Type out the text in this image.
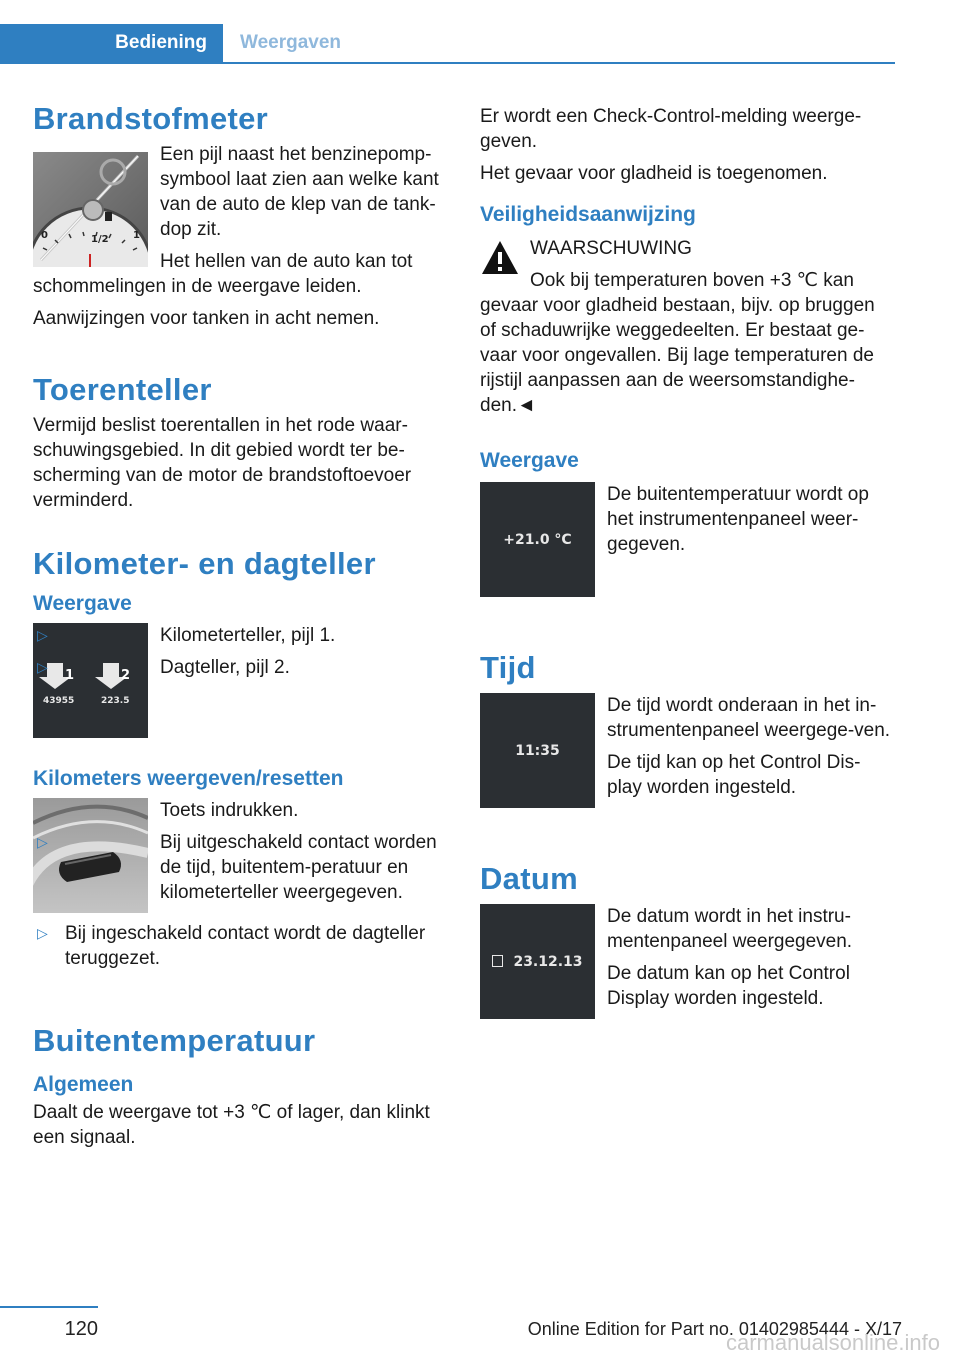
Bediening	Weergaven
Brandstofmeter
0	1/2 1

Een pijl naast het benzinepomp-symbool laat zien aan welke kant van de auto de klep van de tank-dop zit.

Het hellen van de auto kan tot schommelingen in de weergave leiden.

Aanwijzingen voor tanken in acht nemen.

Toerenteller

Vermijd beslist toerentallen in het rode waar-schuwingsgebied. In dit gebied wordt ter be-scherming van de motor de brandstoftoevoer verminderd.

Kilometer- en dagteller
Weergave
1	2
43955	223.5
▷	Kilometerteller, pijl 1.
▷	Dagteller, pijl 2.
Kilometers weergeven/resetten

Toets indrukken.

▷	Bij uitgeschakeld contact worden de tijd, buitentem-peratuur en kilometerteller weergegeven.
▷ Bij ingeschakeld contact wordt de dagteller teruggezet.
Buitentemperatuur
Algemeen

Daalt de weergave tot +3 ℃ of lager, dan klinkt een signaal.

Er wordt een Check-Control-melding weerge-geven.

Het gevaar voor gladheid is toegenomen.

Veiligheidsaanwijzing

WAARSCHUWING

Ook bij temperaturen boven +3 ℃ kan gevaar voor gladheid bestaan, bijv. op bruggen of schaduwrijke weggedeelten. Er bestaat ge-vaar voor ongevallen. Bij lage temperaturen de rijstijl aanpassen aan de weersomstandighe-den.◄

Weergave
+21.0 °C

De buitentemperatuur wordt op het instrumentenpaneel weer-gegeven.

Tijd
11:35

De tijd wordt onderaan in het in-strumentenpaneel weergege-ven.

De tijd kan op het Control Dis-play worden ingesteld.

Datum
23.12.13

De datum wordt in het instru-mentenpaneel weergegeven.

De datum kan op het Control Display worden ingesteld.

120	Online Edition for Part no. 01402985444 - X/17
carmanualsonline.info
